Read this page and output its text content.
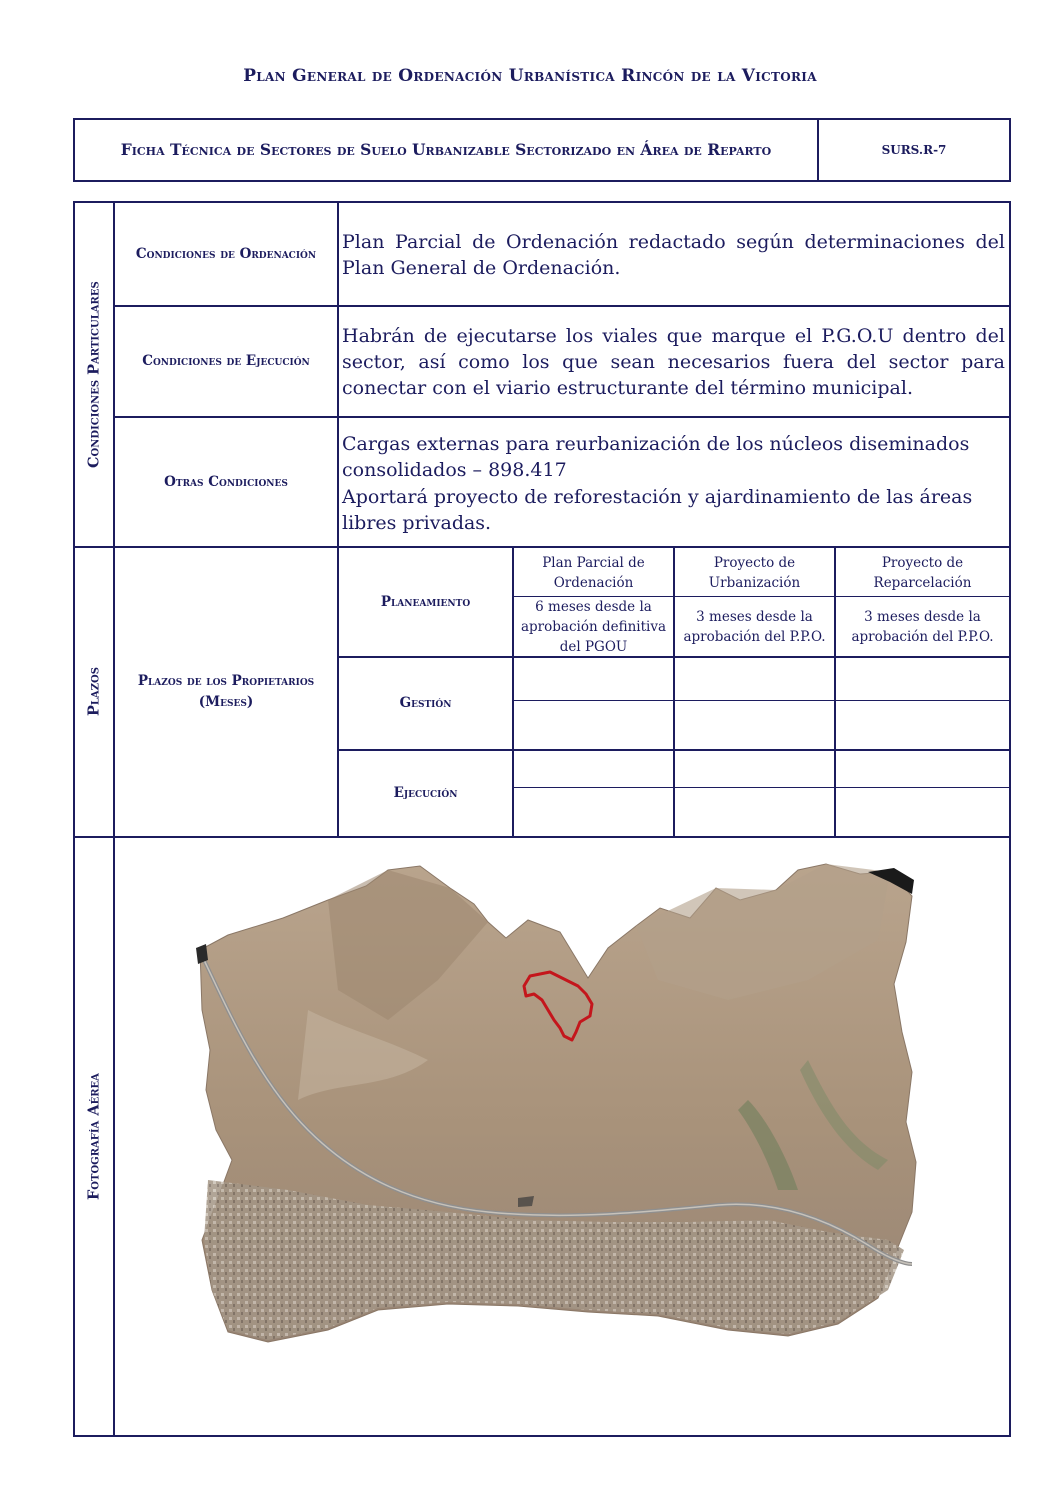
Plan General de Ordenación Urbanística Rincón de la Victoria
Ficha Técnica de Sectores de Suelo Urbanizable Sectorizado en Área de Reparto	SURS.R-7
Condiciones Particulares
Plazos
Fotografía Aérea
Condiciones de Ordenación
Condiciones de Ejecución
Otras Condiciones
Plan Parcial de Ordenación redactado según determinaciones del Plan General de Ordenación.
Habrán de ejecutarse los viales que marque el P.G.O.U dentro del sector, así como los que sean necesarios fuera del sector para conectar con el viario estructurante del término municipal.
Cargas externas para reurbanización de los núcleos diseminados consolidados – 898.417
Aportará proyecto de reforestación y ajardinamiento de las áreas libres privadas.
Plazos de los Propietarios (Meses)
Planeamiento
Gestión
Ejecución
Plan Parcial de Ordenación
Proyecto de Urbanización
Proyecto de Reparcelación
6 meses desde la aprobación definitiva del PGOU
3 meses desde la aprobación del P.P.O.
3 meses desde la aprobación del P.P.O.
